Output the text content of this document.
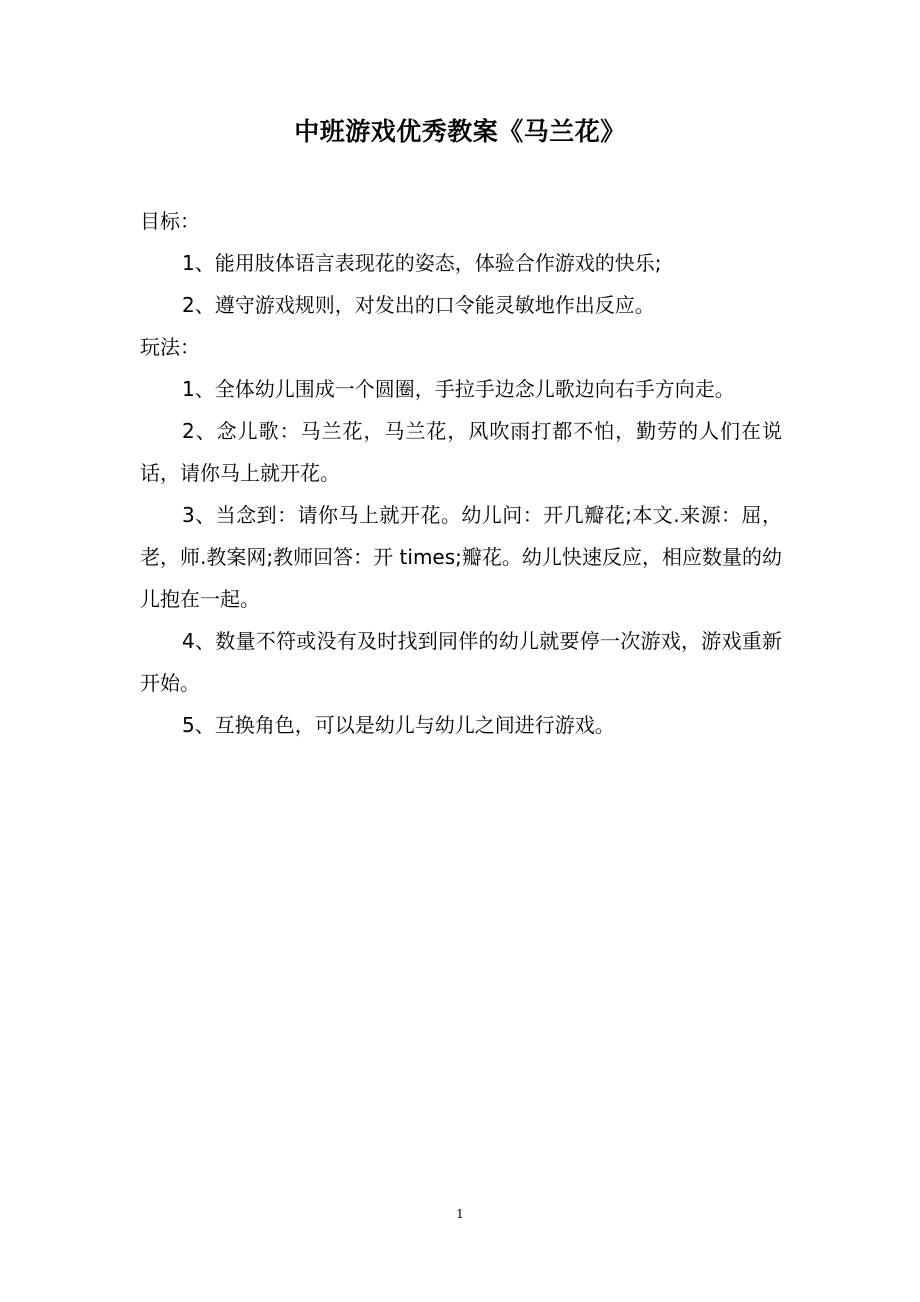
中班游戏优秀教案《马兰花》

目标：

1、能用肢体语言表现花的姿态，体验合作游戏的快乐;

2、遵守游戏规则，对发出的口令能灵敏地作出反应。

玩法：

1、全体幼儿围成一个圆圈，手拉手边念儿歌边向右手方向走。

2、念儿歌：马兰花，马兰花，风吹雨打都不怕，勤劳的人们在说话，请你马上就开花。

3、当念到：请你马上就开花。幼儿问：开几瓣花;本文.来源：屈，老，师.教案网;教师回答：开 times;瓣花。幼儿快速反应，相应数量的幼儿抱在一起。

4、数量不符或没有及时找到同伴的幼儿就要停一次游戏，游戏重新开始。

5、互换角色，可以是幼儿与幼儿之间进行游戏。

1
